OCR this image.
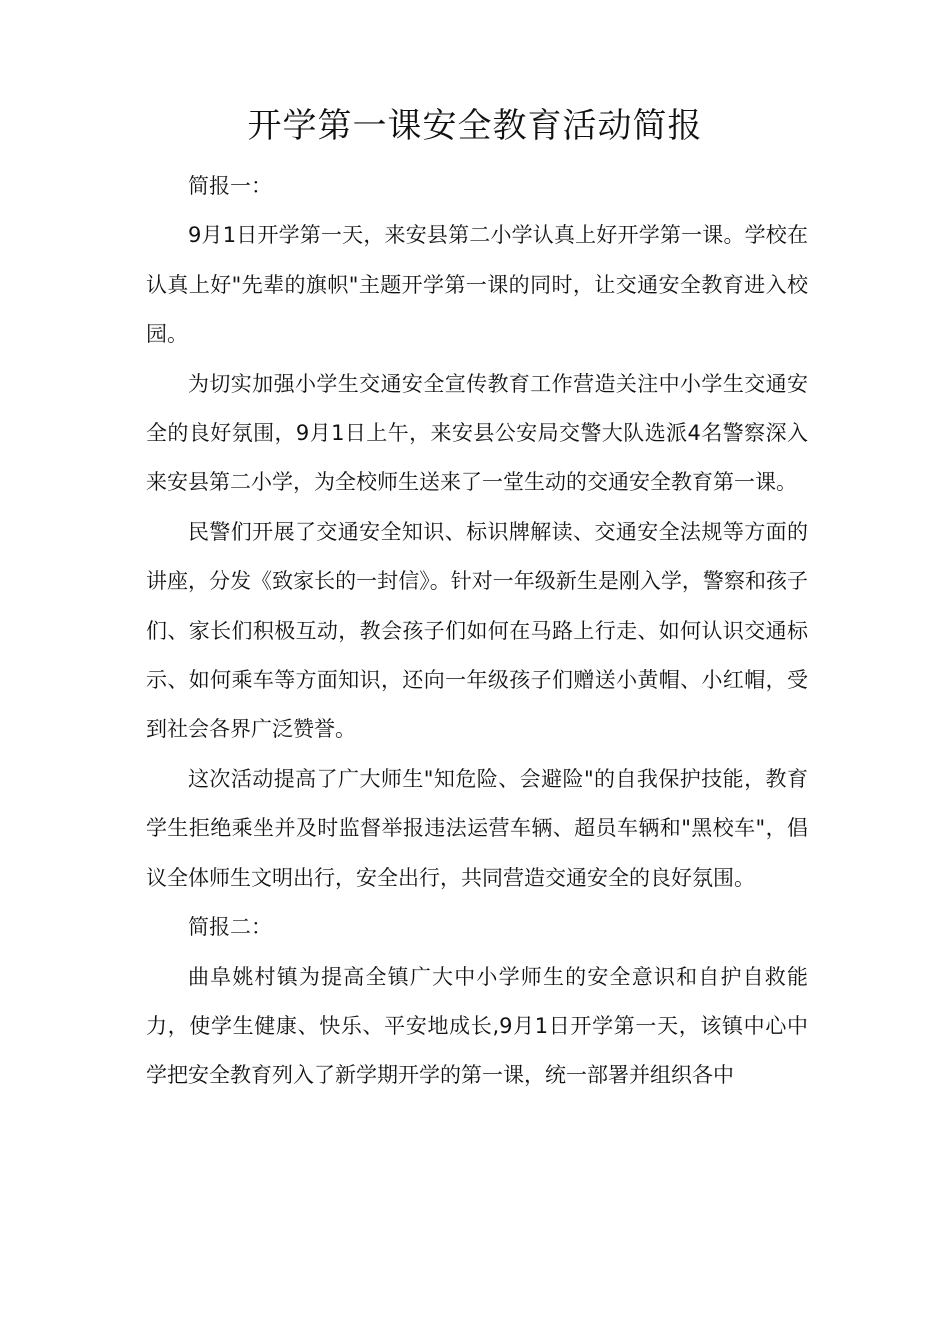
开学第一课安全教育活动简报

简报一：

9月1日开学第一天，来安县第二小学认真上好开学第一课。学校在认真上好"先辈的旗帜"主题开学第一课的同时，让交通安全教育进入校园。

为切实加强小学生交通安全宣传教育工作营造关注中小学生交通安全的良好氛围，9月1日上午，来安县公安局交警大队选派4名警察深入来安县第二小学，为全校师生送来了一堂生动的交通安全教育第一课。

民警们开展了交通安全知识、标识牌解读、交通安全法规等方面的讲座，分发《致家长的一封信》。针对一年级新生是刚入学，警察和孩子们、家长们积极互动，教会孩子们如何在马路上行走、如何认识交通标示、如何乘车等方面知识，还向一年级孩子们赠送小黄帽、小红帽，受到社会各界广泛赞誉。

这次活动提高了广大师生"知危险、会避险"的自我保护技能，教育学生拒绝乘坐并及时监督举报违法运营车辆、超员车辆和"黑校车"，倡议全体师生文明出行，安全出行，共同营造交通安全的良好氛围。

简报二：

曲阜姚村镇为提高全镇广大中小学师生的安全意识和自护自救能力，使学生健康、快乐、平安地成长,9月1日开学第一天，该镇中心中学把安全教育列入了新学期开学的第一课，统一部署并组织各中
